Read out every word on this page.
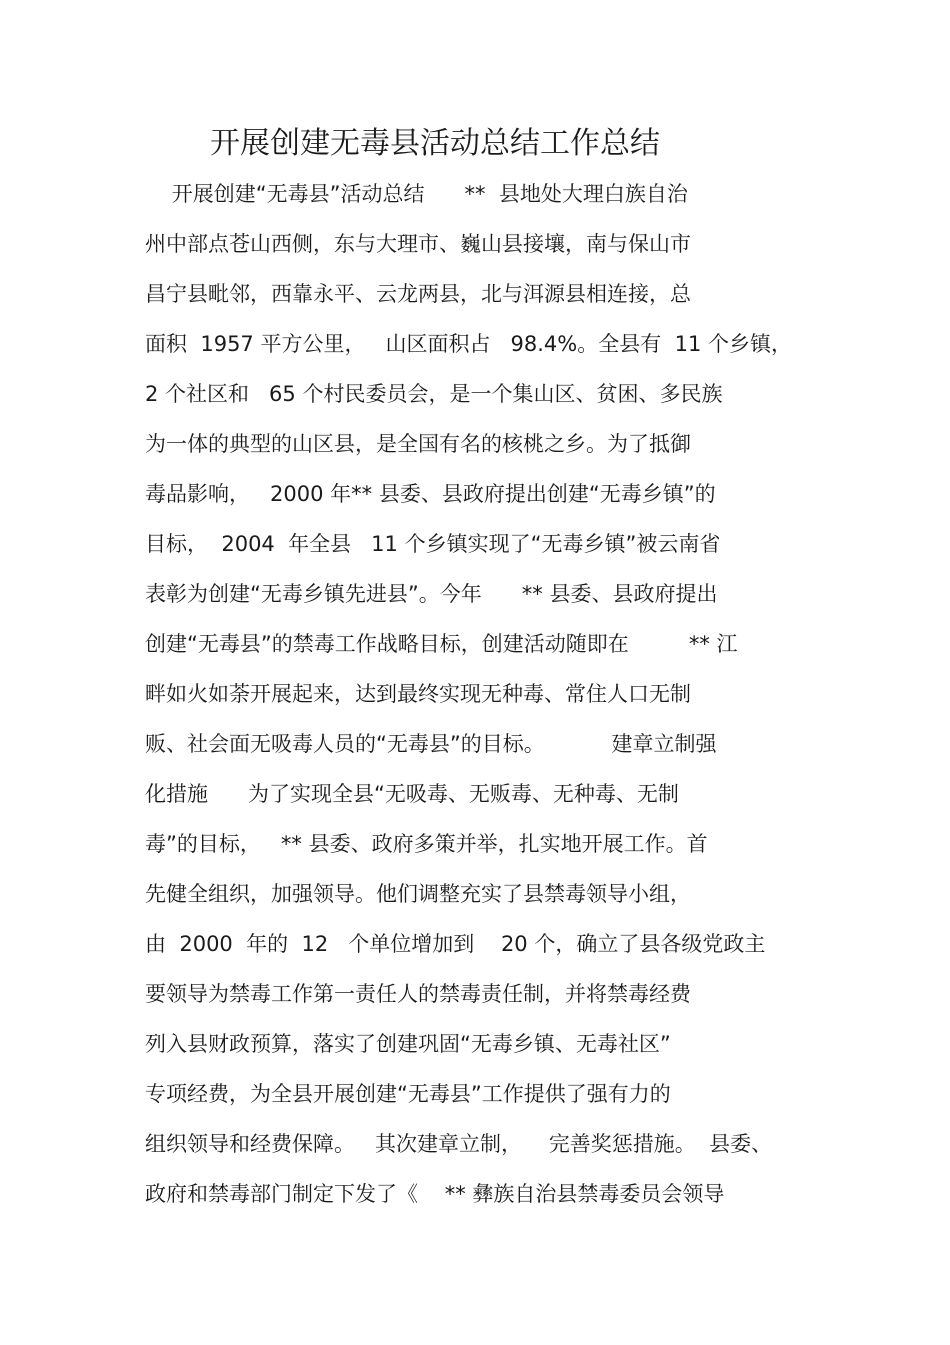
开展创建无毒县活动总结工作总结
开展创建“无毒县”活动总结      **  县地处大理白族自治
州中部点苍山西侧，东与大理市、巍山县接壤，南与保山市
昌宁县毗邻，西靠永平、云龙两县，北与洱源县相连接，总
面积  1957 平方公里，   山区面积占   98.4%。全县有  11 个乡镇，
2 个社区和   65 个村民委员会，是一个集山区、贫困、多民族
为一体的典型的山区县，是全国有名的核桃之乡。为了抵御
毒品影响，   2000 年** 县委、县政府提出创建“无毒乡镇”的
目标，  2004  年全县   11 个乡镇实现了“无毒乡镇”被云南省
表彰为创建“无毒乡镇先进县”。今年      ** 县委、县政府提出
创建“无毒县”的禁毒工作战略目标，创建活动随即在         ** 江
畔如火如荼开展起来，达到最终实现无种毒、常住人口无制
贩、社会面无吸毒人员的“无毒县”的目标。          建章立制强
化措施      为了实现全县“无吸毒、无贩毒、无种毒、无制
毒”的目标，   ** 县委、政府多策并举，扎实地开展工作。首
先健全组织，加强领导。他们调整充实了县禁毒领导小组，
由  2000  年的  12   个单位增加到    20 个，确立了县各级党政主
要领导为禁毒工作第一责任人的禁毒责任制，并将禁毒经费
列入县财政预算，落实了创建巩固“无毒乡镇、无毒社区”
专项经费，为全县开展创建“无毒县”工作提供了强有力的
组织领导和经费保障。   其次建章立制，    完善奖惩措施。  县委、
政府和禁毒部门制定下发了《    ** 彝族自治县禁毒委员会领导
